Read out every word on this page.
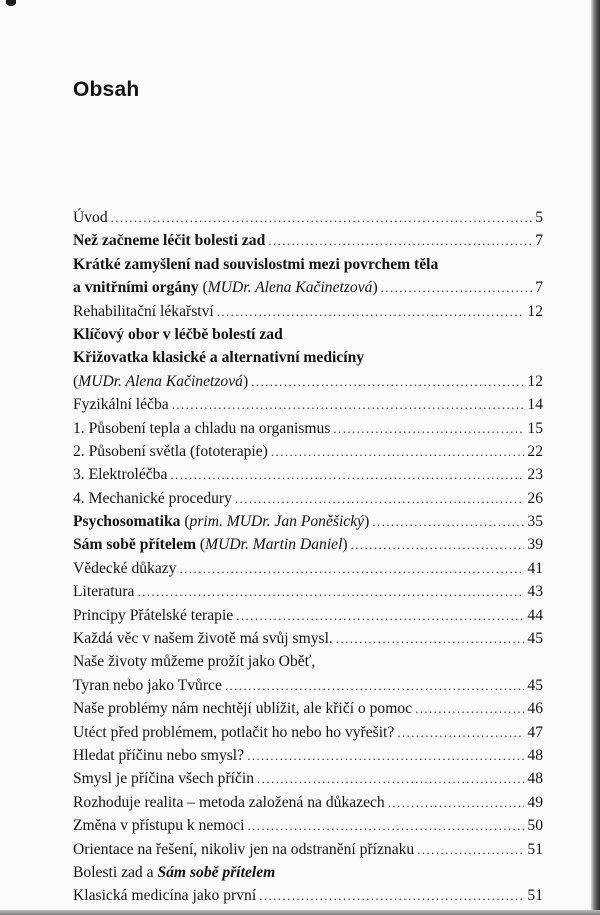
Obsah
Úvod .....	5
Než začneme léčit bolesti zad .....	7
Krátké zamyšlení nad souvislostmi mezi povrchem těla
a vnitřními orgány (MUDr. Alena Kačinetzová) .....	7
Rehabilitační lékařství .....	12
Klíčový obor v léčbě bolestí zad
Křižovatka klasické a alternativní medicíny
(MUDr. Alena Kačinetzová) .....	12
Fyzikální léčba .....	14
1. Působení tepla a chladu na organismus .....	15
2. Působení světla (fototerapie) .....	22
3. Elektroléčba .....	23
4. Mechanické procedury .....	26
Psychosomatika (prim. MUDr. Jan Poněšický) .....	35
Sám sobě přítelem (MUDr. Martin Daniel) .....	39
Vědecké důkazy .....	41
Literatura .....	43
Principy Přátelské terapie .....	44
Každá věc v našem životě má svůj smysl. .....	45
Naše životy můžeme prožít jako Oběť,
Tyran nebo jako Tvůrce .....	45
Naše problémy nám nechtějí ublížit, ale křičí o pomoc .....	46
Utéct před problémem, potlačit ho nebo ho vyřešit? .....	47
Hledat příčinu nebo smysl? .....	48
Smysl je příčina všech příčin .....	48
Rozhoduje realita – metoda založená na důkazech .....	49
Změna v přístupu k nemoci .....	50
Orientace na řešení, nikoliv jen na odstranění příznaku .....	51
Bolesti zad a Sám sobě přítelem
Klasická medicína jako první .....	51
